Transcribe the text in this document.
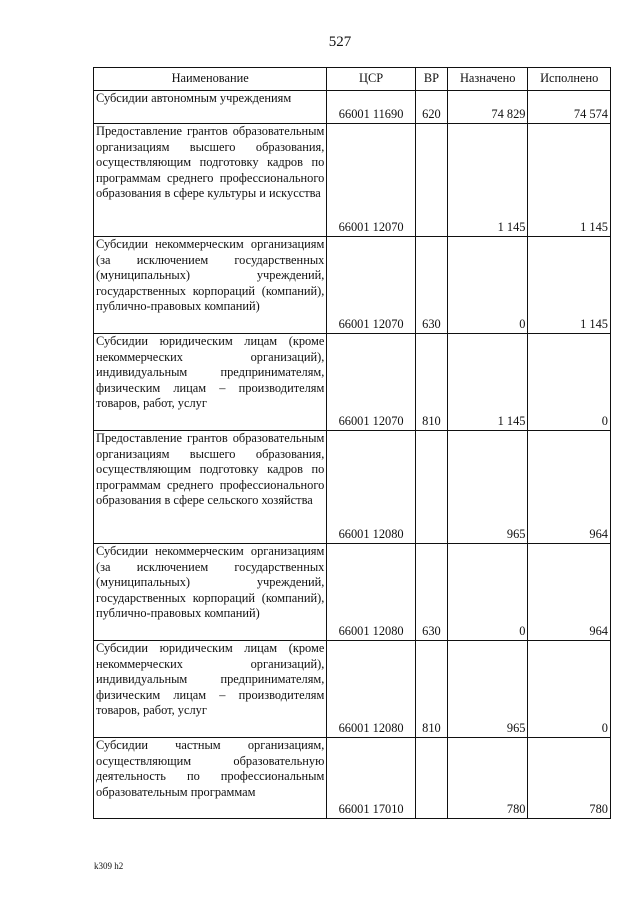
527
Наименование	ЦСР	ВР	Назначено	Исполнено
Субсидии автономным учреждениям	66001 11690	620	74 829	74 574
Предоставление грантов образовательным организациям высшего образования, осуществляющим подготовку кадров по программам среднего профессионального образования в сфере культуры и искусства	66001 12070		1 145	1 145
Субсидии некоммерческим организациям (за исключением государственных (муниципальных) учреждений, государственных корпораций (компаний), публично-правовых компаний)	66001 12070	630	0	1 145
Субсидии юридическим лицам (кроме некоммерческих организаций), индивидуальным предпринимателям, физическим лицам – производителям товаров, работ, услуг	66001 12070	810	1 145	0
Предоставление грантов образовательным организациям высшего образования, осуществляющим подготовку кадров по программам среднего профессионального образования в сфере сельского хозяйства	66001 12080		965	964
Субсидии некоммерческим организациям (за исключением государственных (муниципальных) учреждений, государственных корпораций (компаний), публично-правовых компаний)	66001 12080	630	0	964
Субсидии юридическим лицам (кроме некоммерческих организаций), индивидуальным предпринимателям, физическим лицам – производителям товаров, работ, услуг	66001 12080	810	965	0
Субсидии частным организациям, осуществляющим образовательную деятельность по профессиональным образовательным программам	66001 17010		780	780
k309 h2
